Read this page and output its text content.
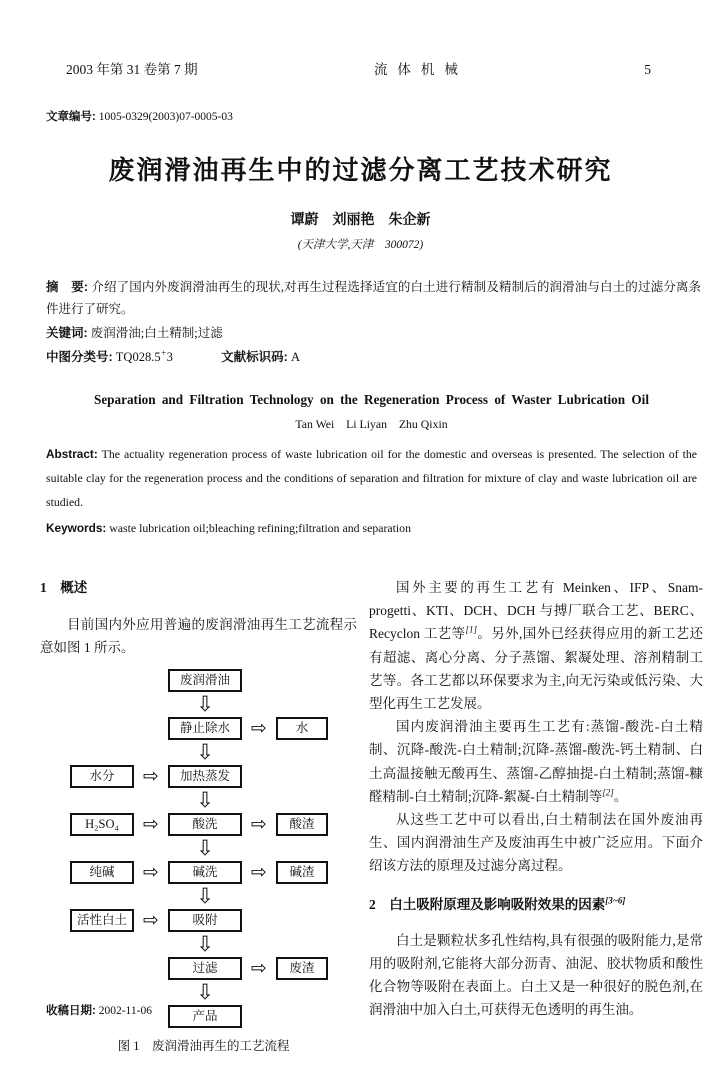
2003 年第 31 卷第 7 期	流体机械	5
文章编号: 1005-0329(2003)07-0005-03
废润滑油再生中的过滤分离工艺技术研究
谭蔚　刘丽艳　朱企新
(天津大学,天津　300072)
摘　要: 介绍了国内外废润滑油再生的现状,对再生过程选择适宜的白土进行精制及精制后的润滑油与白土的过滤分离条件进行了研究。
关键词: 废润滑油;白土精制;过滤
中图分类号: TQ028.5+3	文献标识码: A
Separation and Filtration Technology on the Regeneration Process of Waster Lubrication Oil
Tan Wei　Li Liyan　Zhu Qixin

Abstract: The actuality regeneration process of waste lubrication oil for the domestic and overseas is presented. The selection of the suitable clay for the regeneration process and the conditions of separation and filtration for mixture of clay and waste lubrication oil are studied.

Keywords: waste lubrication oil;bleaching refining;filtration and separation

1　概述

目前国内外应用普遍的废润滑油再生工艺流程示意如图 1 所示。

废润滑油
⇩
静止除水	⇨	水
⇩
水分	⇨	加热蒸发
⇩
H₂SO₄	⇨	酸洗	⇨	酸渣
⇩
纯碱	⇨	碱洗	⇨	碱渣
⇩
活性白土 ⇨	吸附
⇩
过滤	⇨	废渣
⇩
产品
图 1　废润滑油再生的工艺流程

国外主要的再生工艺有 Meinken、IFP、Snam-progetti、KTI、DCH、DCH 与搏厂联合工艺、BERC、Recyclon 工艺等[1]。另外,国外已经获得应用的新工艺还有超滤、离心分离、分子蒸馏、絮凝处理、溶剂精制工艺等。各工艺都以环保要求为主,向无污染或低污染、大型化再生工艺发展。

国内废润滑油主要再生工艺有:蒸馏-酸洗-白土精制、沉降-酸洗-白土精制;沉降-蒸馏-酸洗-钙土精制、白土高温接触无酸再生、蒸馏-乙醇抽提-白土精制;蒸馏-糠醛精制-白土精制;沉降-絮凝-白土精制等[2]。

从这些工艺中可以看出,白土精制法在国外废油再生、国内润滑油生产及废油再生中被广泛应用。下面介绍该方法的原理及过滤分离过程。

2　白土吸附原理及影响吸附效果的因素[3~6]

白土是颗粒状多孔性结构,具有很强的吸附能力,是常用的吸附剂,它能将大部分沥青、油泥、胶状物质和酸性化合物等吸附在表面上。白土又是一种很好的脱色剂,在润滑油中加入白土,可获得无色透明的再生油。

收稿日期: 2002-11-06
